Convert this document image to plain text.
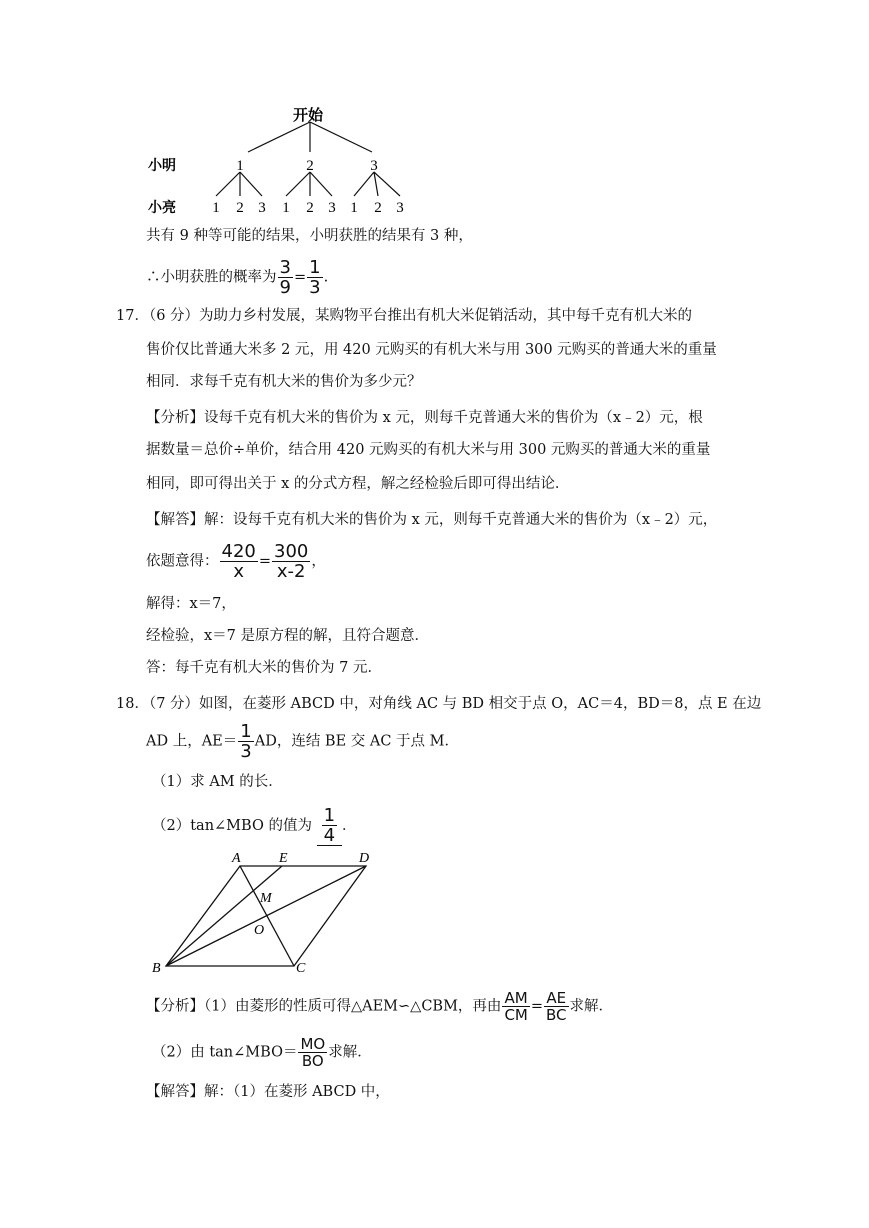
开始
小明
小亮
1	2	3
1 2 3 1 2 3 1 2 3
共有 9 种等可能的结果，小明获胜的结果有 3 种，
∴小明获胜的概率为 $\frac{3}{9} = \frac{1}{3}$ .
17．（6 分）为助力乡村发展，某购物平台推出有机大米促销活动，其中每千克有机大米的
售价仅比普通大米多 2 元，用 420 元购买的有机大米与用 300 元购买的普通大米的重量
相同．求每千克有机大米的售价为多少元？
【分析】设每千克有机大米的售价为 x 元，则每千克普通大米的售价为（x﹣2）元，根
据数量＝总价÷单价，结合用 420 元购买的有机大米与用 300 元购买的普通大米的重量
相同，即可得出关于 x 的分式方程，解之经检验后即可得出结论．
【解答】解：设每千克有机大米的售价为 x 元，则每千克普通大米的售价为（x﹣2）元，
依题意得： $\frac{420}{x} = \frac{300}{x-2}$ ，
解得：x＝7，
经检验，x＝7 是原方程的解，且符合题意．
答：每千克有机大米的售价为 7 元．
18．（7 分）如图，在菱形 ABCD 中，对角线 AC 与 BD 相交于点 O，AC＝4，BD＝8，点 E 在边
AD 上，$AE= \frac{1}{3}$ AD，连结 BE 交 AC 于点 M．
（1）求 AM 的长．
（2）tan∠MBO 的值为 $\frac{1}{4}$ ．
A	E	D
M
O
B	C
【分析】（1）由菱形的性质可得△AEM∽△CBM，再由 $\frac{AM}{CM} = \frac{AE}{BC}$ 求解．
（2）由 tan∠MBO＝ $\frac{MO}{BO}$ 求解．
【解答】解：（1）在菱形 ABCD 中，
